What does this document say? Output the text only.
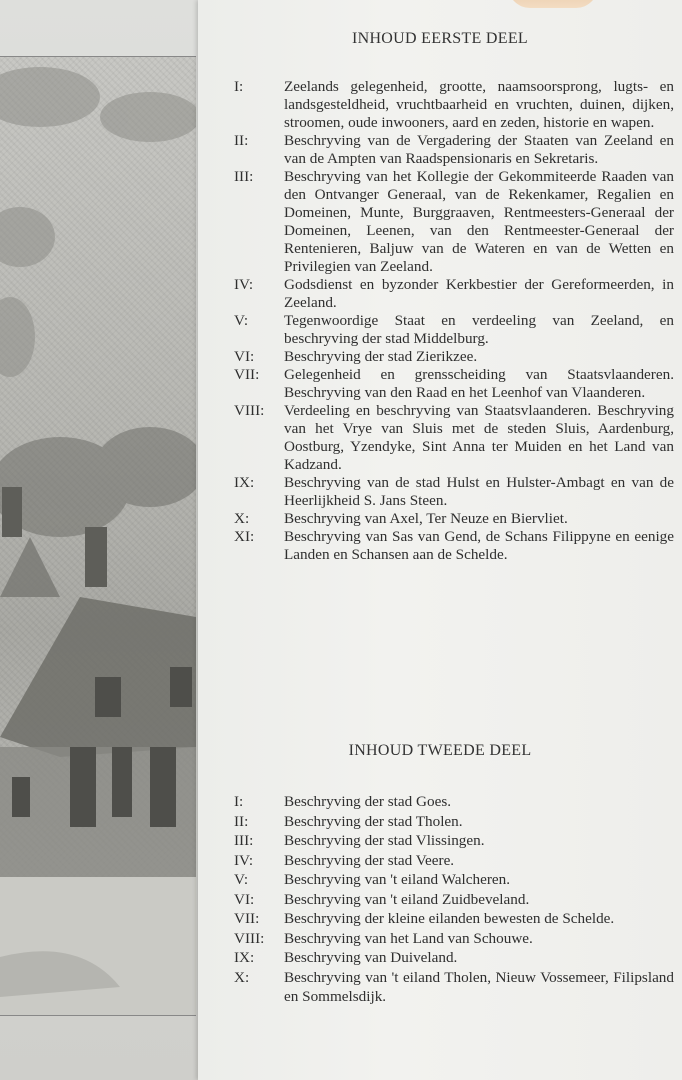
INHOUD EERSTE DEEL
I:	Zeelands gelegenheid, grootte, naamsoorsprong, lugts- en landsgesteldheid, vruchtbaarheid en vruchten, duinen, dijken, stroomen, oude inwooners, aard en zeden, historie en wapen.
II:	Beschryving van de Vergadering der Staaten van Zeeland en van de Ampten van Raadspensionaris en Sekretaris.
III:	Beschryving van het Kollegie der Gekommiteerde Raaden van den Ontvanger Generaal, van de Rekenkamer, Regalien en Domeinen, Munte, Burggraaven, Rentmeesters-Generaal der Domeinen, Leenen, van den Rentmeester-Generaal der Rentenieren, Baljuw van de Wateren en van de Wetten en Privilegien van Zeeland.
IV:	Godsdienst en byzonder Kerkbestier der Gereformeerden, in Zeeland.
V:	Tegenwoordige Staat en verdeeling van Zeeland, en beschryving der stad Middelburg.
VI:	Beschryving der stad Zierikzee.
VII:	Gelegenheid en grensscheiding van Staatsvlaanderen. Beschryving van den Raad en het Leenhof van Vlaanderen.
VIII:	Verdeeling en beschryving van Staatsvlaanderen. Beschryving van het Vrye van Sluis met de steden Sluis, Aardenburg, Oostburg, Yzendyke, Sint Anna ter Muiden en het Land van Kadzand.
IX:	Beschryving van de stad Hulst en Hulster-Ambagt en van de Heerlijkheid S. Jans Steen.
X:	Beschryving van Axel, Ter Neuze en Biervliet.
XI:	Beschryving van Sas van Gend, de Schans Filippyne en eenige Landen en Schansen aan de Schelde.
INHOUD TWEEDE DEEL
I:	Beschryving der stad Goes.
II:	Beschryving der stad Tholen.
III:	Beschryving der stad Vlissingen.
IV:	Beschryving der stad Veere.
V:	Beschryving van 't eiland Walcheren.
VI:	Beschryving van 't eiland Zuidbeveland.
VII:	Beschryving der kleine eilanden bewesten de Schelde.
VIII:	Beschryving van het Land van Schouwe.
IX:	Beschryving van Duiveland.
X:	Beschryving van 't eiland Tholen, Nieuw Vossemeer, Filipsland en Sommelsdijk.
